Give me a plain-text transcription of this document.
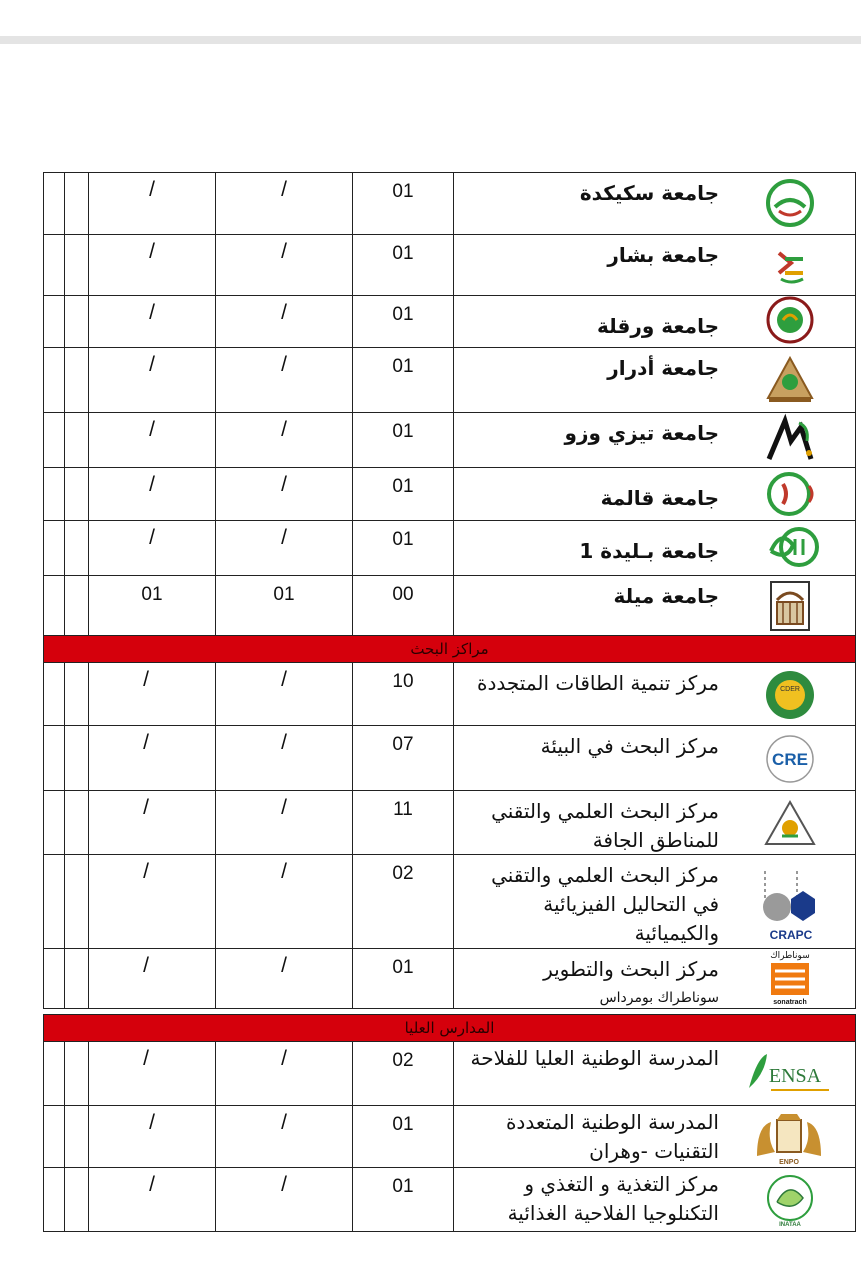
		/	/	01	جامعة سكيكدة

		/	/	01	جامعة بشار

		/	/	01	جامعة ورقلة

		/	/	01	جامعة أدرار

		/	/	01	جامعة تيزي وزو

		/	/	01	جامعة قالمة

		/	/	01	جامعة بـليدة 1

		01	01	00	جامعة ميلة

مراكز البحث					

		/	/	10	مركز تنمية الطاقات المتجددة CDER

		/	/	07	مركز البحث في البيئة
CRE

		/	/	11	مركز البحث العلمي والتقني للمناطق الجافة

		/	/	02	مركز البحث العلمي والتقني في التحاليل الفيزيائية والكيميائية CRAPC

		/	/	01	مركز البحث والتطوير
سوناطراك بومرداس
سوناطراك
sonatrach

المدارس العليا					

		/	/	02	المدرسة الوطنية العليا للفلاحة
ENSA

		/	/	01	المدرسة الوطنية المتعددة التقنيات -وهران ENPO

		/	/	01	مركز التغذية و التغذي و التكنلوجيا الفلاحية الغذائية INATAA
